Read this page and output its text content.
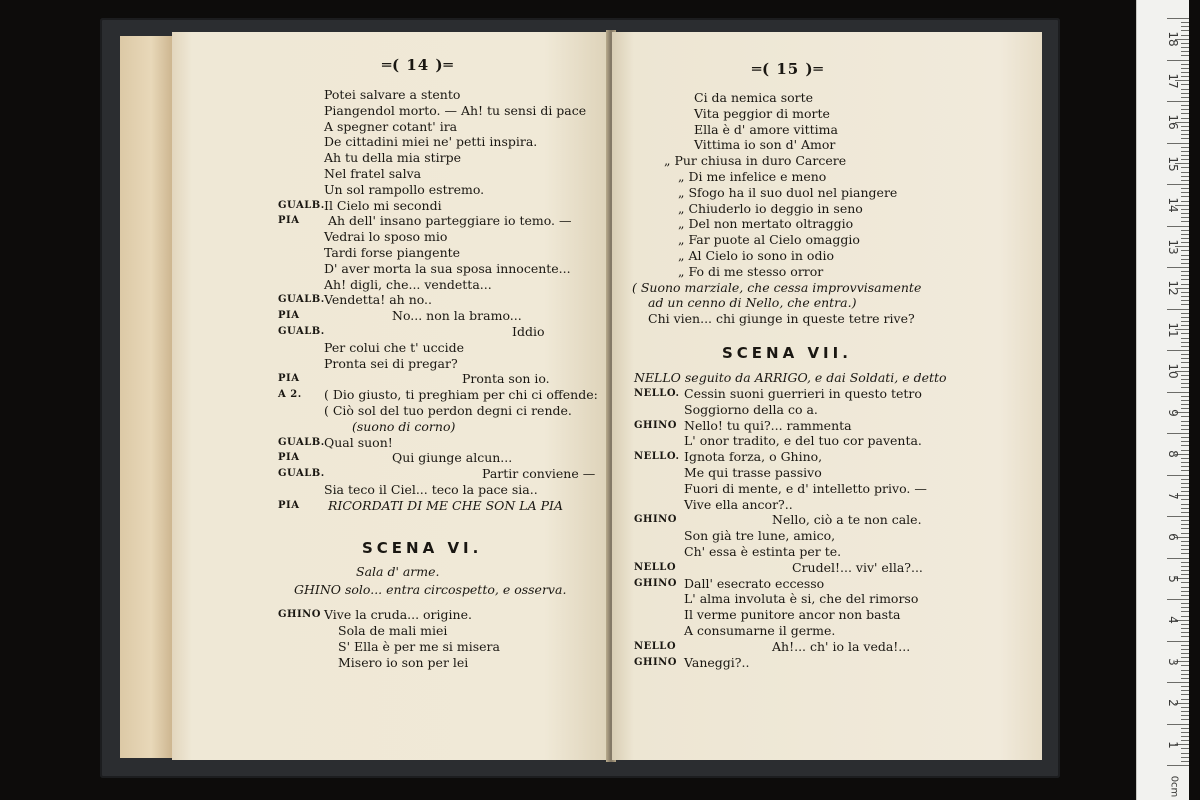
═( 14 )═
Potei salvare a stento
Piangendol morto. — Ah! tu sensi di pace
A spegner cotant' ira
De cittadini miei ne' petti inspira.
Ah tu della mia stirpe
Nel fratel salva
Un sol rampollo estremo.
GUALB. Il Cielo mi secondi
PIA Ah dell' insano parteggiare io temo. —
Vedrai lo sposo mio
Tardi forse piangente
D' aver morta la sua sposa innocente...
Ah! digli, che... vendetta...
GUALB. Vendetta! ah no..
PIA	No... non la bramo...
GUALB.	Iddio
Per colui che t' uccide
Pronta sei di pregar?
PIA	Pronta son io.
A 2. ( Dio giusto, ti preghiam per chi ci offende:
( Ciò sol del tuo perdon degni ci rende.
(suono di corno)
GUALB. Qual suon!
PIA	Qui giunge alcun...
GUALB.	Partir conviene —
Sia teco il Ciel... teco la pace sia..
PIA RICORDATI DI ME CHE SON LA PIA
SCENA VI.
Sala d' arme.
GHINO solo... entra circospetto, e osserva.
GHINO Vive la cruda... origine.
Sola de mali miei
S' Ella è per me si misera
Misero io son per lei
═( 15 )═
Ci da nemica sorte
Vita peggior di morte
Ella è d' amore vittima
Vittima io son d' Amor
„ Pur chiusa in duro Carcere
„ Di me infelice e meno
„ Sfogo ha il suo duol nel piangere
„ Chiuderlo io deggio in seno
„ Del non mertato oltraggio
„ Far puote al Cielo omaggio
„ Al Cielo io sono in odio
„ Fo di me stesso orror
( Suono marziale, che cessa improvvisamente
ad un cenno di Nello, che entra.)
Chi vien... chi giunge in queste tetre rive?
SCENA VII.
NELLO seguito da ARRIGO, e dai Soldati, e detto
NELLO. Cessin suoni guerrieri in questo tetro
Soggiorno della co a.
GHINO Nello! tu qui?... rammenta
L' onor tradito, e del tuo cor paventa.
NELLO. Ignota forza, o Ghino,
Me qui trasse passivo
Fuori di mente, e d' intelletto privo. —
Vive ella ancor?..
GHINO	Nello, ciò a te non cale.
Son già tre lune, amico,
Ch' essa è estinta per te.
NELLO	Crudel!... viv' ella?...
GHINO Dall' esecrato eccesso
L' alma involuta è si, che del rimorso
Il verme punitore ancor non basta
A consumarne il germe.
NELLO	Ah!... ch' io la veda!...
GHINO Vaneggi?..
0cm
18
17
16
15
14
13
12
11
10
9
8
7
6
5
4
3
2
1
